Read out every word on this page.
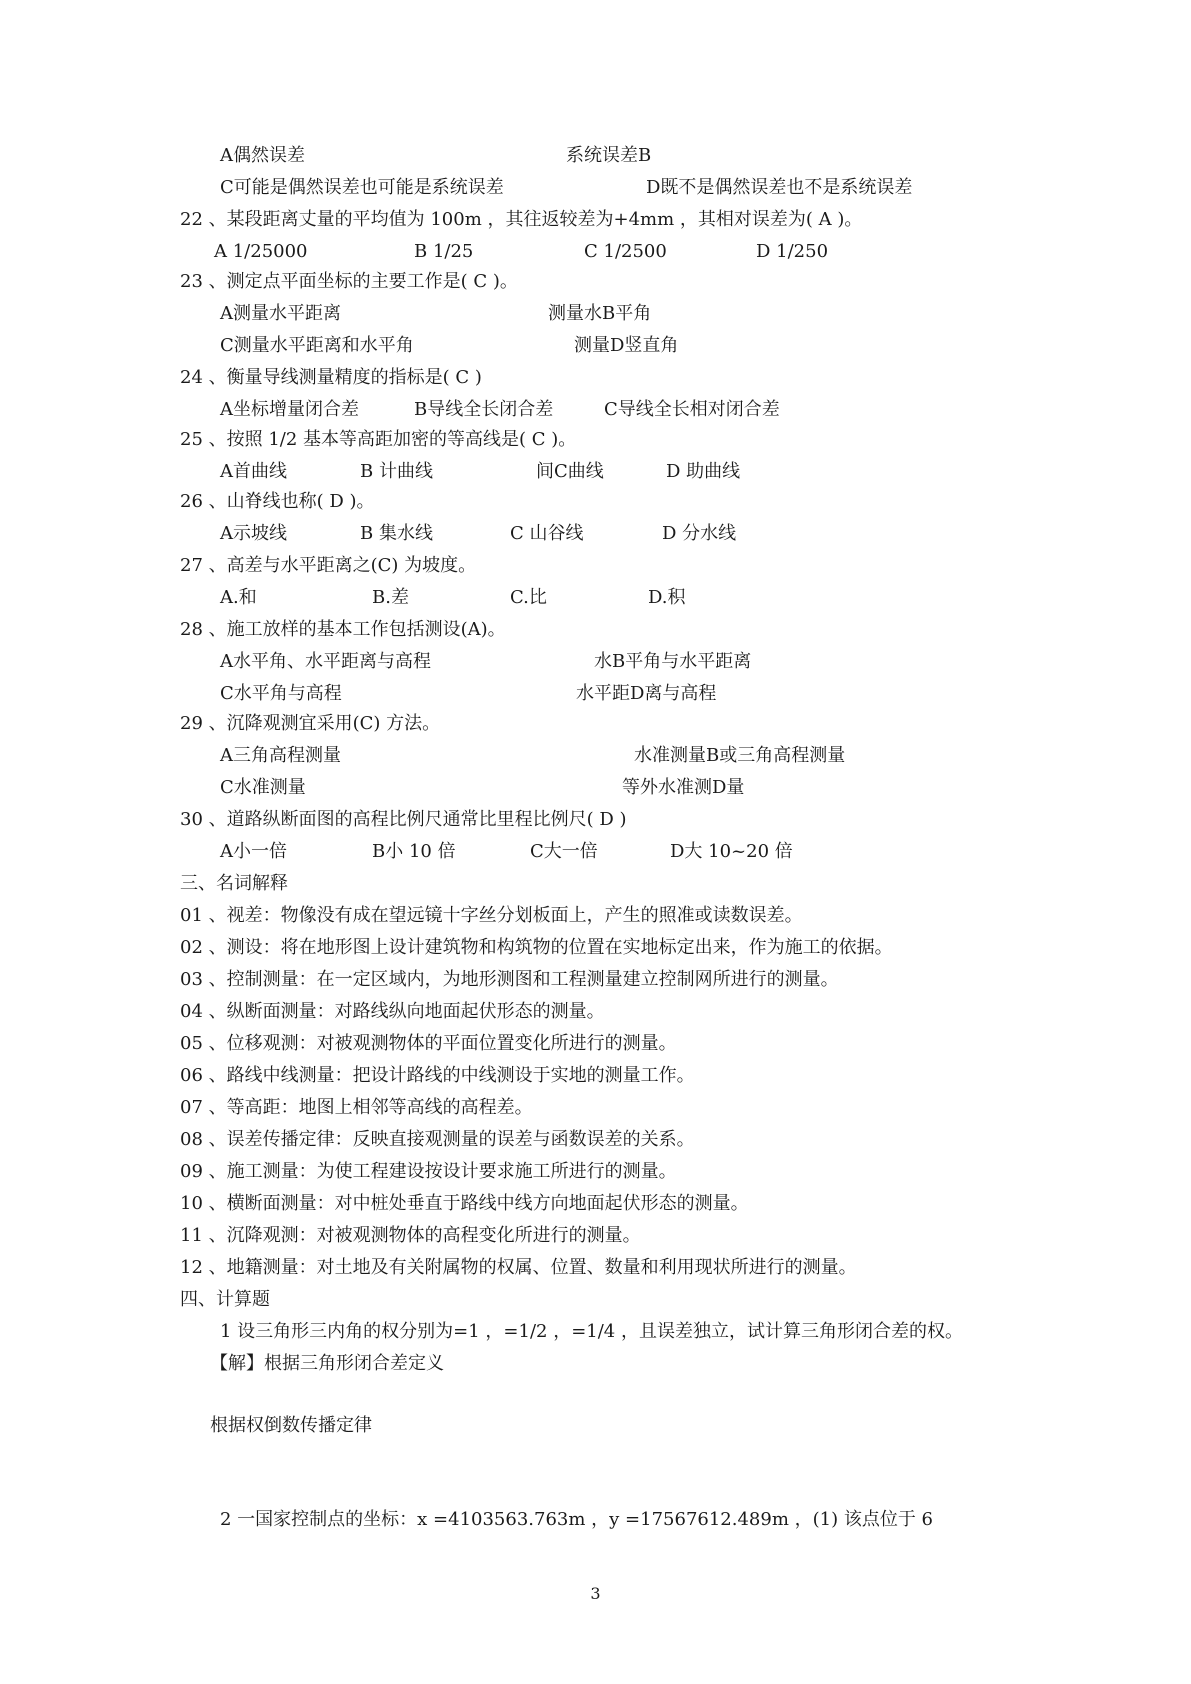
A偶然误差	系统误差B
C可能是偶然误差也可能是系统误差	D既不是偶然误差也不是系统误差
22 、某段距离丈量的平均值为 100m ，其往返较差为+4mm ，其相对误差为( A )。
A 1/25000	B 1/25	C 1/2500	D 1/250
23 、测定点平面坐标的主要工作是( C )。
A测量水平距离	测量水B平角
C测量水平距离和水平角	测量D竖直角
24 、衡量导线测量精度的指标是( C )
A坐标增量闭合差	B导线全长闭合差	C导线全长相对闭合差
25 、按照 1/2 基本等高距加密的等高线是( C )。
A首曲线	B 计曲线	间C曲线	D 助曲线
26 、山脊线也称( D )。
A示坡线	B 集水线	C 山谷线	D 分水线
27 、高差与水平距离之(C) 为坡度。
A.和	B.差	C.比	D.积
28 、施工放样的基本工作包括测设(A)。
A水平角、水平距离与高程	水B平角与水平距离
C水平角与高程	水平距D离与高程
29 、沉降观测宜采用(C) 方法。
A三角高程测量	水准测量B或三角高程测量
C水准测量	等外水准测D量
30 、道路纵断面图的高程比例尺通常比里程比例尺( D )
A小一倍	B小 10 倍	C大一倍	D大 10~20 倍
三、名词解释
01 、视差：物像没有成在望远镜十字丝分划板面上，产生的照准或读数误差。
02 、测设：将在地形图上设计建筑物和构筑物的位置在实地标定出来，作为施工的依据。
03 、控制测量：在一定区域内，为地形测图和工程测量建立控制网所进行的测量。
04 、纵断面测量：对路线纵向地面起伏形态的测量。
05 、位移观测：对被观测物体的平面位置变化所进行的测量。
06 、路线中线测量：把设计路线的中线测设于实地的测量工作。
07 、等高距：地图上相邻等高线的高程差。
08 、误差传播定律：反映直接观测量的误差与函数误差的关系。
09 、施工测量：为使工程建设按设计要求施工所进行的测量。
10 、横断面测量：对中桩处垂直于路线中线方向地面起伏形态的测量。
11 、沉降观测：对被观测物体的高程变化所进行的测量。
12 、地籍测量：对土地及有关附属物的权属、位置、数量和利用现状所进行的测量。
四、计算题
1 设三角形三内角的权分别为=1 ，=1/2 ，=1/4 ，且误差独立，试计算三角形闭合差的权。
【解】根据三角形闭合差定义
根据权倒数传播定律
2 一国家控制点的坐标：x =4103563.763m ，y =17567612.489m ，(1) 该点位于 6
3
